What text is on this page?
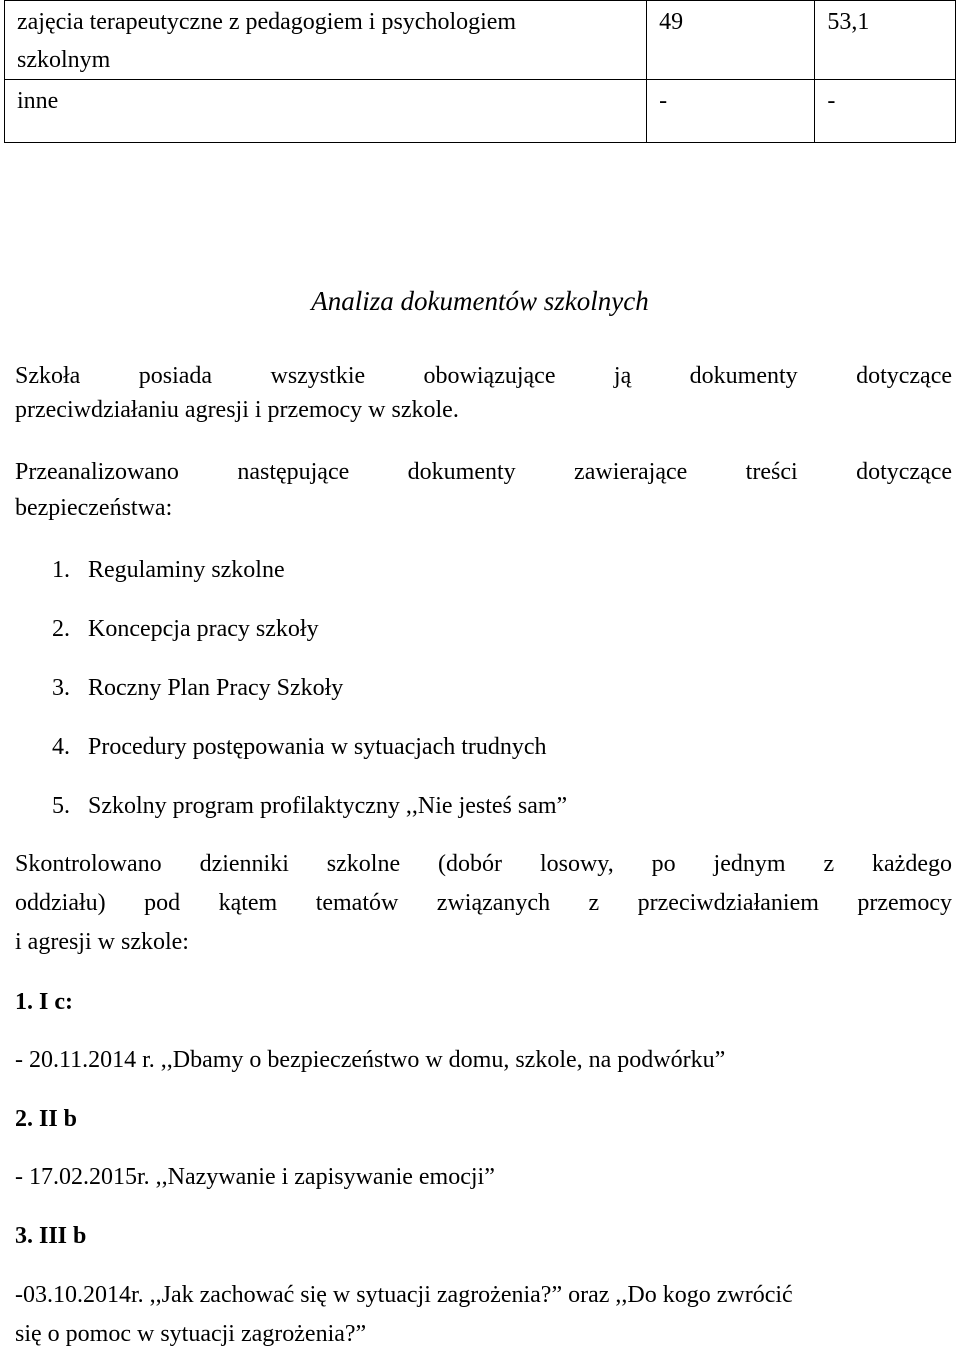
zajęcia terapeutyczne z pedagogiem i psychologiem
szkolnym	49	53,1
inne	-	-
Analiza dokumentów szkolnych
Szkoła posiada wszystkie obowiązujące ją dokumenty dotyczące
przeciwdziałaniu agresji i przemocy w szkole.
Przeanalizowano następujące dokumenty zawierające treści dotyczące
bezpieczeństwa:
1. Regulaminy szkolne
2. Koncepcja pracy szkoły
3. Roczny Plan Pracy Szkoły
4. Procedury postępowania w sytuacjach trudnych
5. Szkolny program profilaktyczny ,,Nie jesteś sam”
Skontrolowano dzienniki szkolne (dobór losowy, po jednym z każdego
oddziału) pod kątem tematów związanych z przeciwdziałaniem przemocy
i agresji w szkole:
1. I c:
- 20.11.2014 r. ,,Dbamy o bezpieczeństwo w domu, szkole, na podwórku”
2. II b
- 17.02.2015r. ,,Nazywanie i zapisywanie emocji”
3. III b
-03.10.2014r. ,,Jak zachować się w sytuacji zagrożenia?” oraz ,,Do kogo zwrócić
się o pomoc w sytuacji zagrożenia?”
